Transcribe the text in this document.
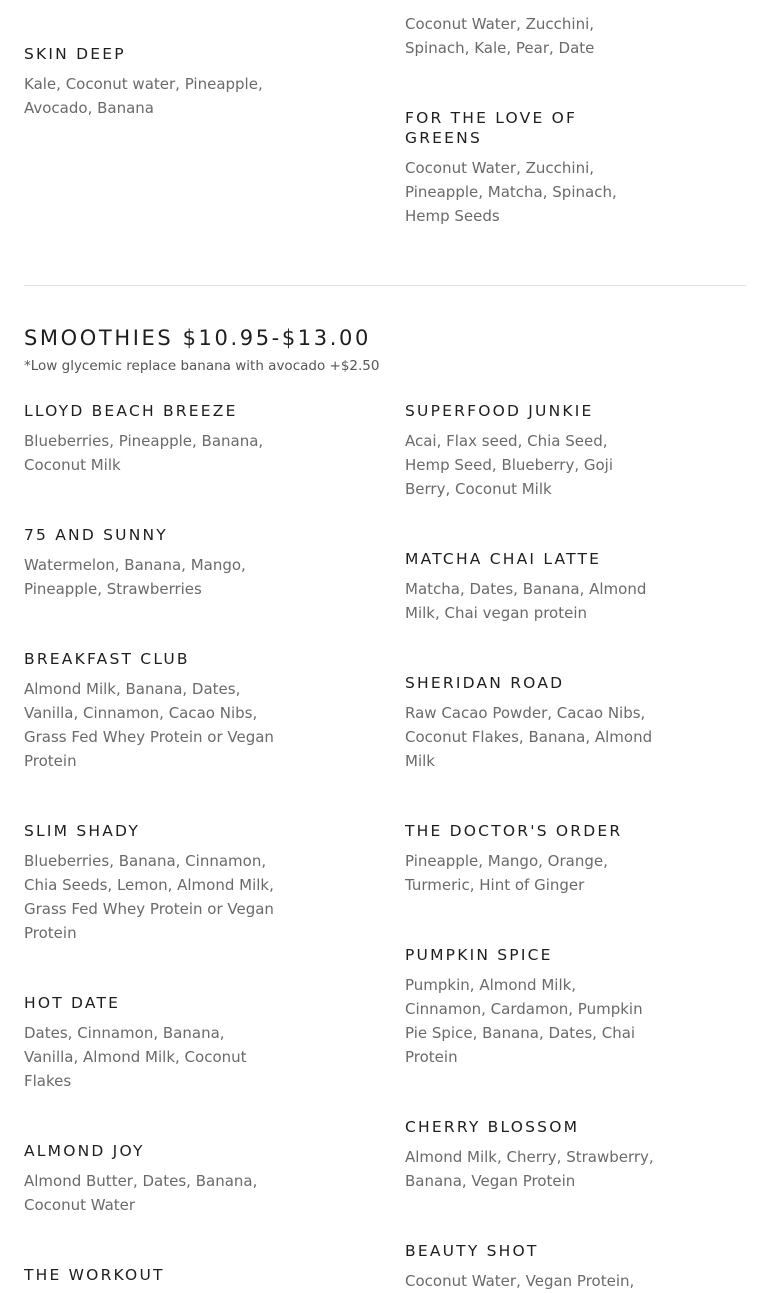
Coconut Water, Zucchini, Spinach, Kale, Pear, Date
SKIN DEEP
Kale, Coconut water, Pineapple, Avocado, Banana
FOR THE LOVE OF GREENS
Coconut Water, Zucchini, Pineapple, Matcha, Spinach, Hemp Seeds
SMOOTHIES $10.95-$13.00
*Low glycemic replace banana with avocado +$2.50
LLOYD BEACH BREEZE
Blueberries, Pineapple, Banana, Coconut Milk
75 AND SUNNY
Watermelon, Banana, Mango, Pineapple, Strawberries
BREAKFAST CLUB
Almond Milk, Banana, Dates, Vanilla, Cinnamon, Cacao Nibs, Grass Fed Whey Protein or Vegan Protein
SLIM SHADY
Blueberries, Banana, Cinnamon, Chia Seeds, Lemon, Almond Milk, Grass Fed Whey Protein or Vegan Protein
HOT DATE
Dates, Cinnamon, Banana, Vanilla, Almond Milk, Coconut Flakes
ALMOND JOY
Almond Butter, Dates, Banana, Coconut Water
THE WORKOUT
SUPERFOOD JUNKIE
Acai, Flax seed, Chia Seed, Hemp Seed, Blueberry, Goji Berry, Coconut Milk
MATCHA CHAI LATTE
Matcha, Dates, Banana, Almond Milk, Chai vegan protein
SHERIDAN ROAD
Raw Cacao Powder, Cacao Nibs, Coconut Flakes, Banana, Almond Milk
THE DOCTOR'S ORDER
Pineapple, Mango, Orange, Turmeric, Hint of Ginger
PUMPKIN SPICE
Pumpkin, Almond Milk, Cinnamon, Cardamon, Pumpkin Pie Spice, Banana, Dates, Chai Protein
CHERRY BLOSSOM
Almond Milk, Cherry, Strawberry, Banana, Vegan Protein
BEAUTY SHOT
Coconut Water, Vegan Protein,
